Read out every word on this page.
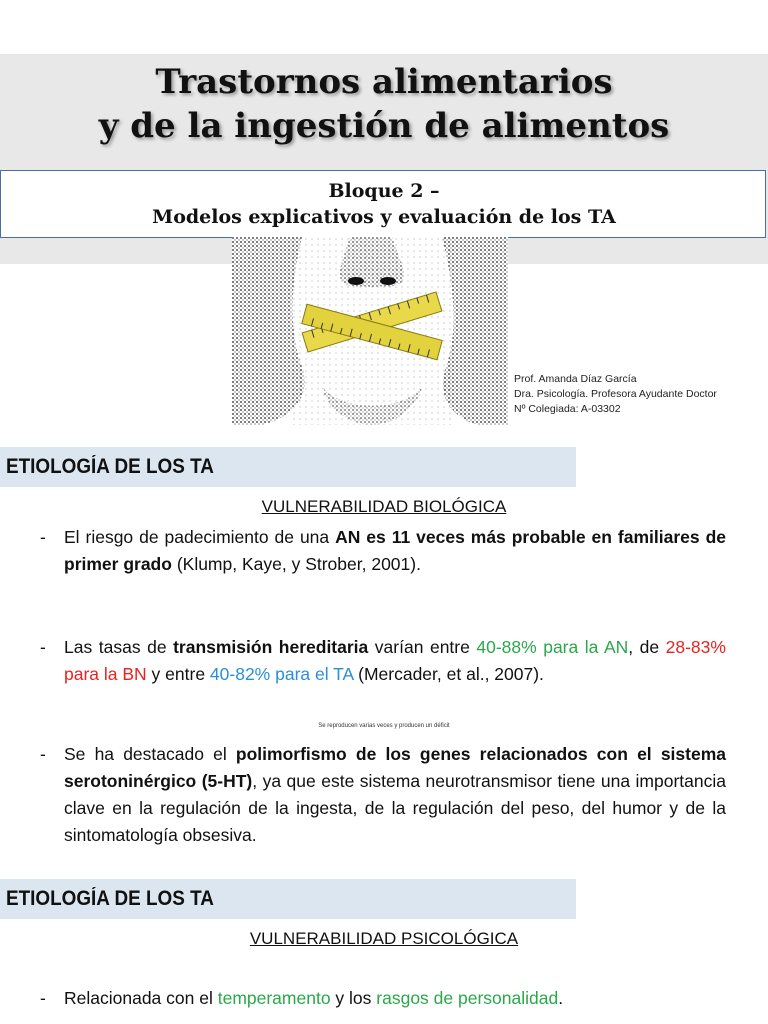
Trastornos alimentarios
y de la ingestión de alimentos
Bloque 2 –
Modelos explicativos y evaluación de los TA
Prof. Amanda Díaz García
Dra. Psicología. Profesora Ayudante Doctor
Nº Colegiada: A-03302
ETIOLOGÍA DE LOS TA
VULNERABILIDAD BIOLÓGICA
- El riesgo de padecimiento de una AN es 11 veces más probable en familiares de primer grado (Klump, Kaye, y Strober, 2001).
- Las tasas de transmisión hereditaria varían entre 40-88% para la AN, de 28-83% para la BN y entre 40-82% para el TA (Mercader, et al., 2007).
Se reproducen varias veces y producen un déficit
- Se ha destacado el polimorfismo de los genes relacionados con el sistema serotoninérgico (5-HT), ya que este sistema neurotransmisor tiene una importancia clave en la regulación de la ingesta, de la regulación del peso, del humor y de la sintomatología obsesiva.
ETIOLOGÍA DE LOS TA
VULNERABILIDAD PSICOLÓGICA
- Relacionada con el temperamento y los rasgos de personalidad.
